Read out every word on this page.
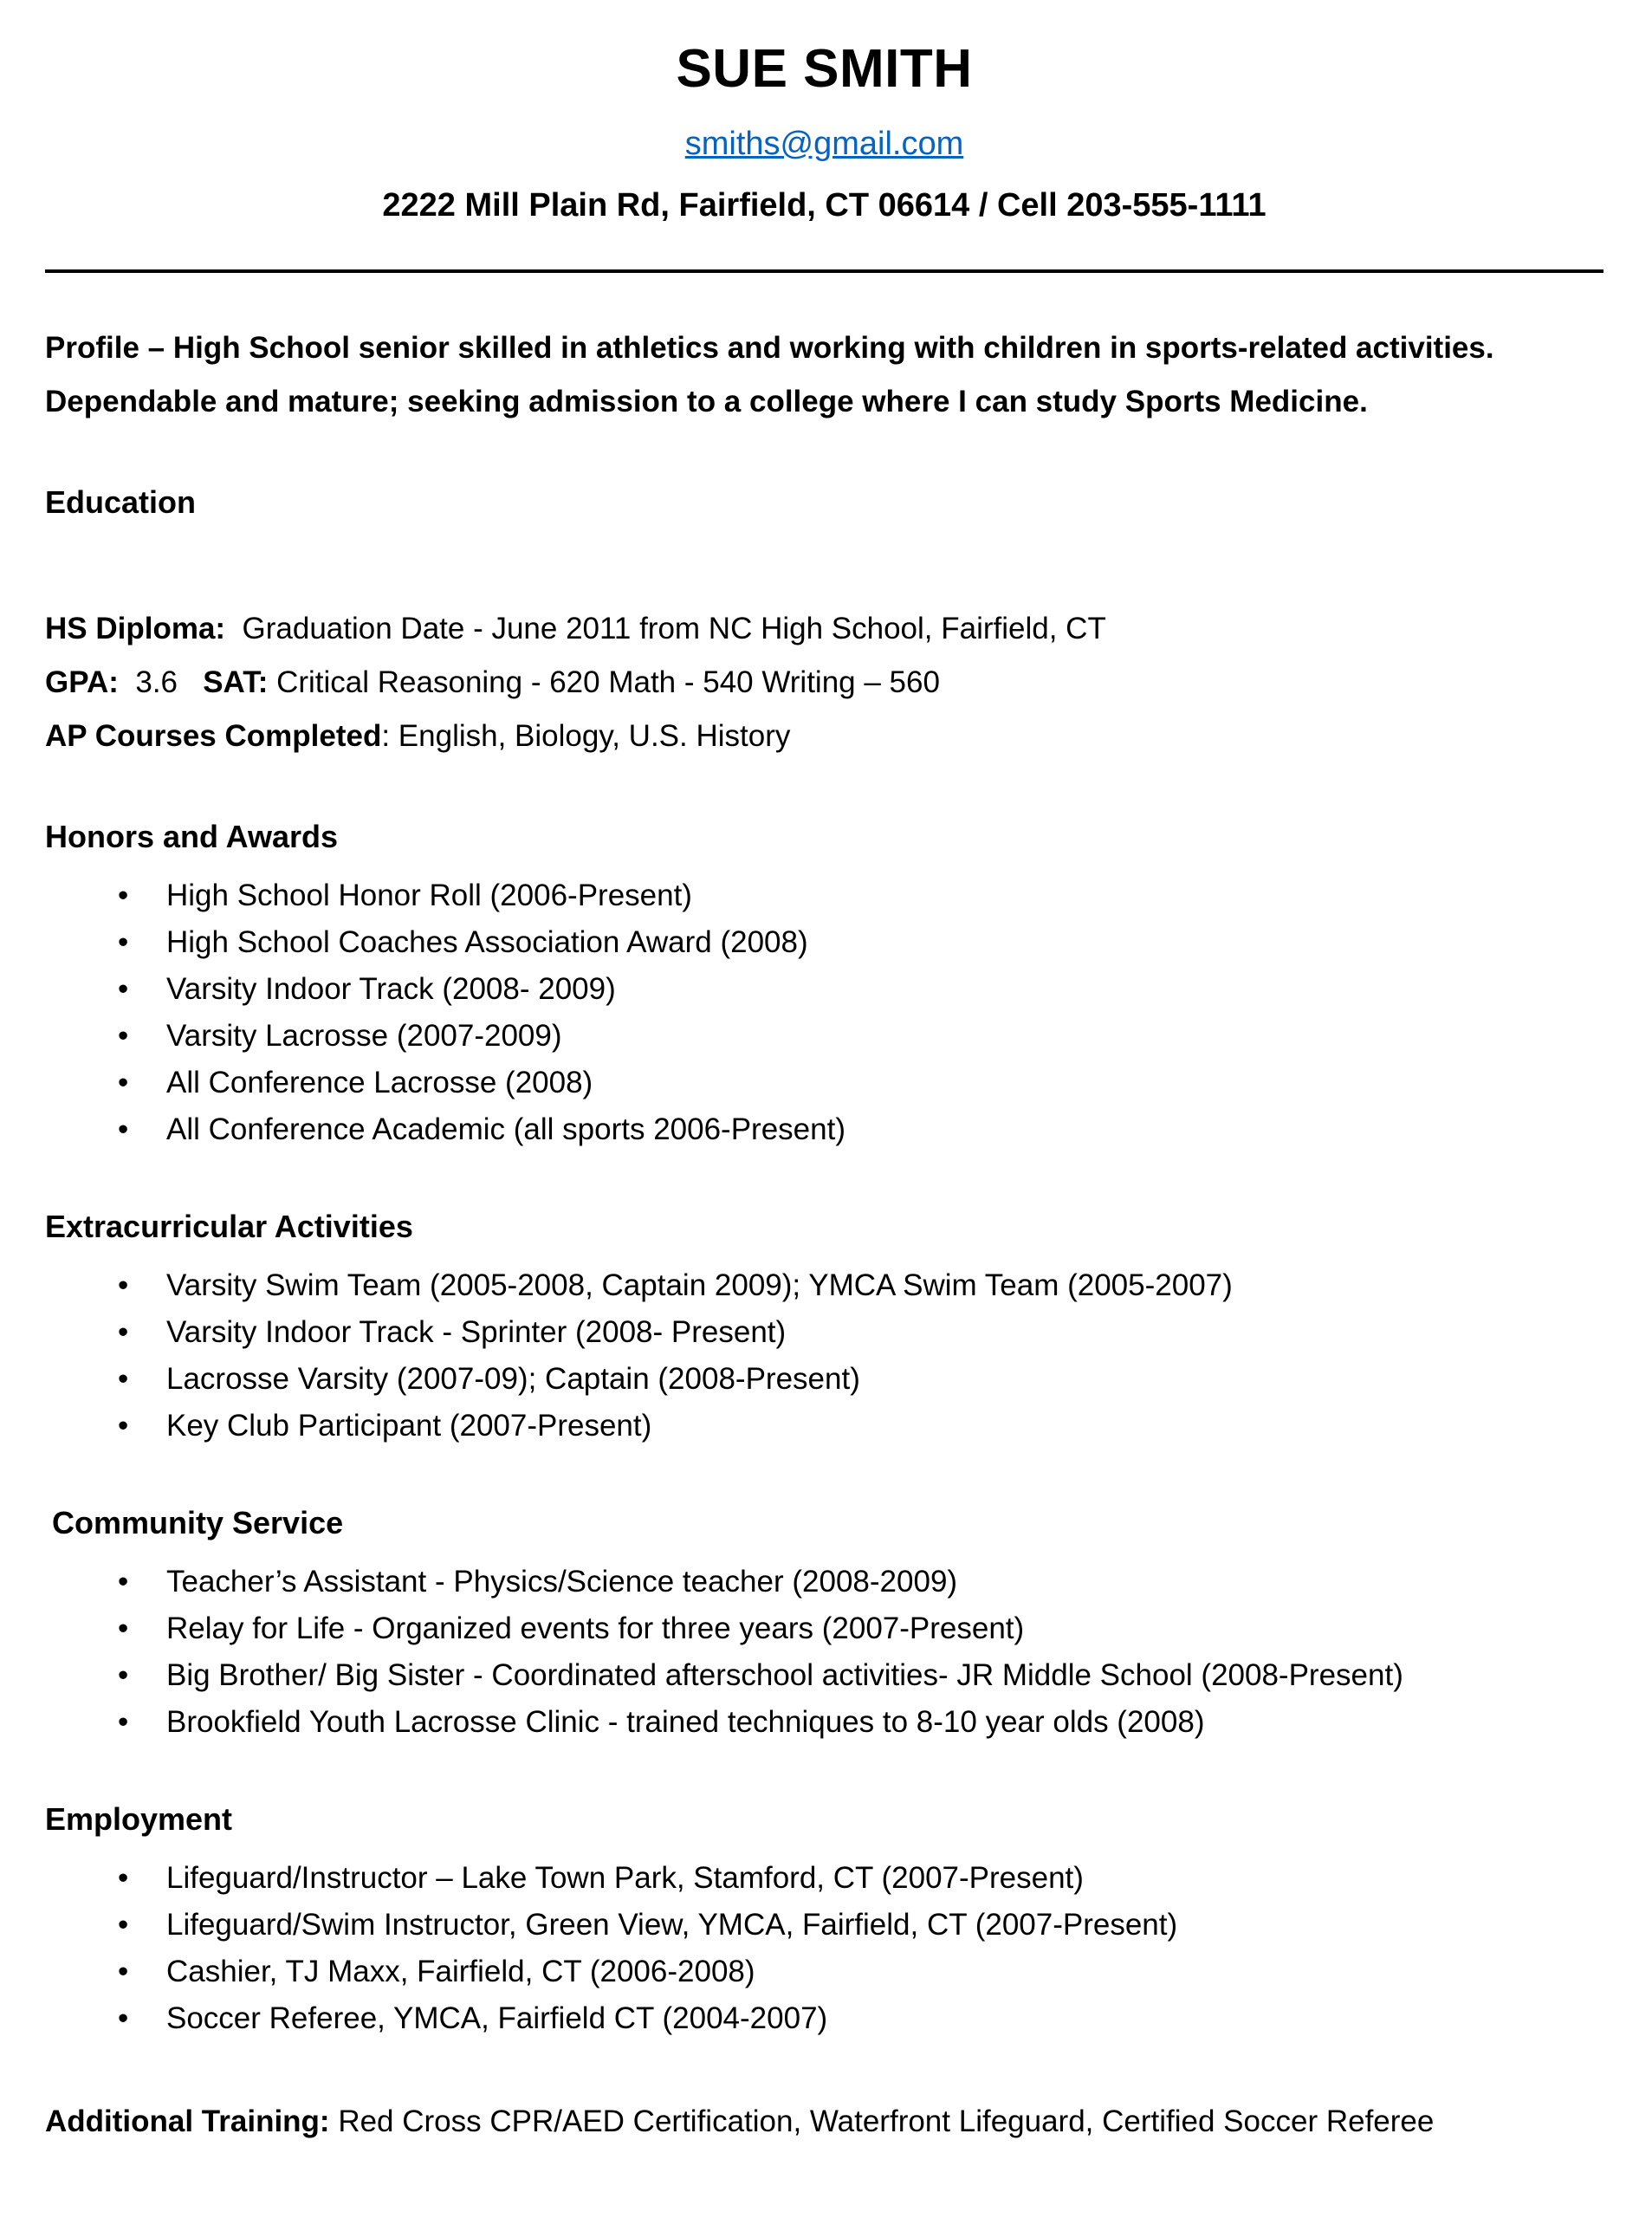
SUE SMITH
smiths@gmail.com
2222 Mill Plain Rd, Fairfield, CT 06614 / Cell 203-555-1111

Profile – High School senior skilled in athletics and working with children in sports-related activities. Dependable and mature; seeking admission to a college where I can study Sports Medicine.

Education

HS Diploma:  Graduation Date - June 2011 from NC High School, Fairfield, CT

GPA:  3.6   SAT: Critical Reasoning - 620 Math - 540 Writing – 560

AP Courses Completed: English, Biology, U.S. History

Honors and Awards
• High School Honor Roll (2006-Present)
• High School Coaches Association Award (2008)
• Varsity Indoor Track (2008- 2009)
• Varsity Lacrosse (2007-2009)
• All Conference Lacrosse (2008)
• All Conference Academic (all sports 2006-Present)
Extracurricular Activities
• Varsity Swim Team (2005-2008, Captain 2009); YMCA Swim Team (2005-2007)
• Varsity Indoor Track - Sprinter (2008- Present)
• Lacrosse Varsity (2007-09); Captain (2008-Present)
• Key Club Participant (2007-Present)
Community Service
• Teacher’s Assistant - Physics/Science teacher (2008-2009)
• Relay for Life - Organized events for three years (2007-Present)
• Big Brother/ Big Sister - Coordinated afterschool activities- JR Middle School (2008-Present)
• Brookfield Youth Lacrosse Clinic - trained techniques to 8-10 year olds (2008)
Employment
• Lifeguard/Instructor – Lake Town Park, Stamford, CT (2007-Present)
• Lifeguard/Swim Instructor, Green View, YMCA, Fairfield, CT (2007-Present)
• Cashier, TJ Maxx, Fairfield, CT (2006-2008)
• Soccer Referee, YMCA, Fairfield CT (2004-2007)

Additional Training: Red Cross CPR/AED Certification, Waterfront Lifeguard, Certified Soccer Referee
